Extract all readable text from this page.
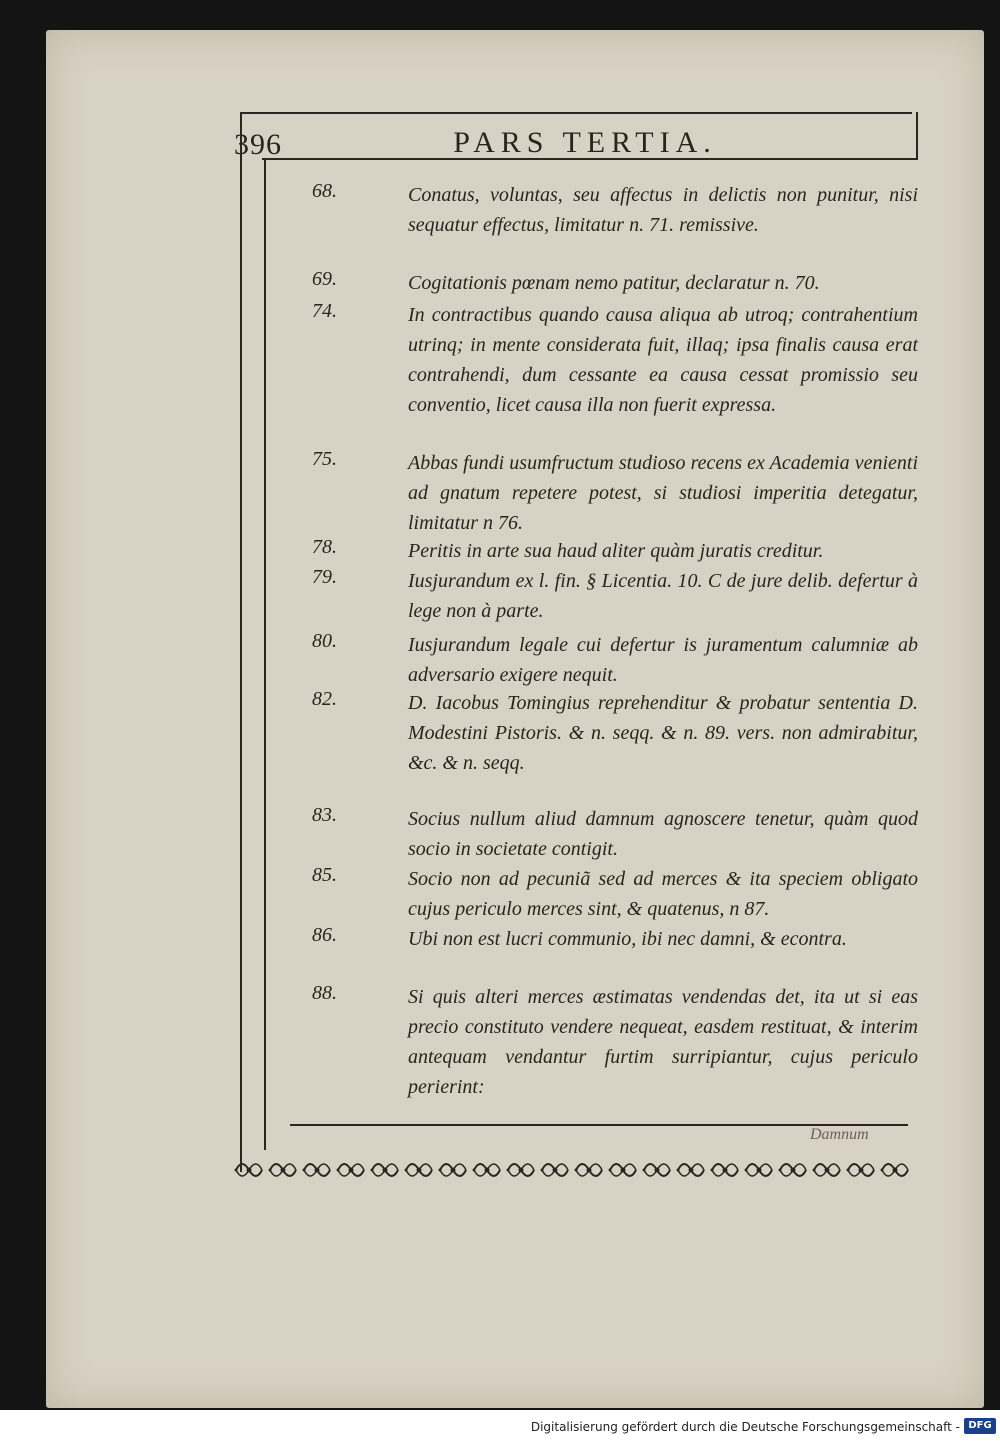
396	PARS TERTIA.
68.	Conatus, voluntas, seu affectus in delictis non punitur, nisi sequatur effectus, limitatur n. 71. remissive.
69.	Cogitationis pœnam nemo patitur, declaratur n. 70.
74.	In contractibus quando causa aliqua ab utroq; contrahentium utrinq; in mente considerata fuit, illaq; ipsa finalis causa erat contrahendi, dum cessante ea causa cessat promissio seu conventio, licet causa illa non fuerit expressa.
75.	Abbas fundi usumfructum studioso recens ex Academia venienti ad gnatum repetere potest, si studiosi imperitia detegatur, limitatur n 76.
78.	Peritis in arte sua haud aliter quàm juratis creditur.
79.	Iusjurandum ex l. fin. § Licentia. 10. C de jure delib. defertur à lege non à parte.
80.	Iusjurandum legale cui defertur is juramentum calumniæ ab adversario exigere nequit.
82.	D. Iacobus Tomingius reprehenditur & probatur sententia D. Modestini Pistoris. & n. seqq. & n. 89. vers. non admirabitur, &c. & n. seqq.
83.	Socius nullum aliud damnum agnoscere tenetur, quàm quod socio in societate contigit.
85.	Socio non ad pecuniã sed ad merces & ita speciem obligato cujus periculo merces sint, & quatenus, n 87.
86.	Ubi non est lucri communio, ibi nec damni, & econtra.
88.	Si quis alteri merces æstimatas vendendas det, ita ut si eas precio constituto vendere nequeat, easdem restituat, & interim antequam vendantur furtim surripiantur, cujus periculo perierint:
Damnum
Digitalisierung gefördert durch die Deutsche Forschungsgemeinschaft - DFG
